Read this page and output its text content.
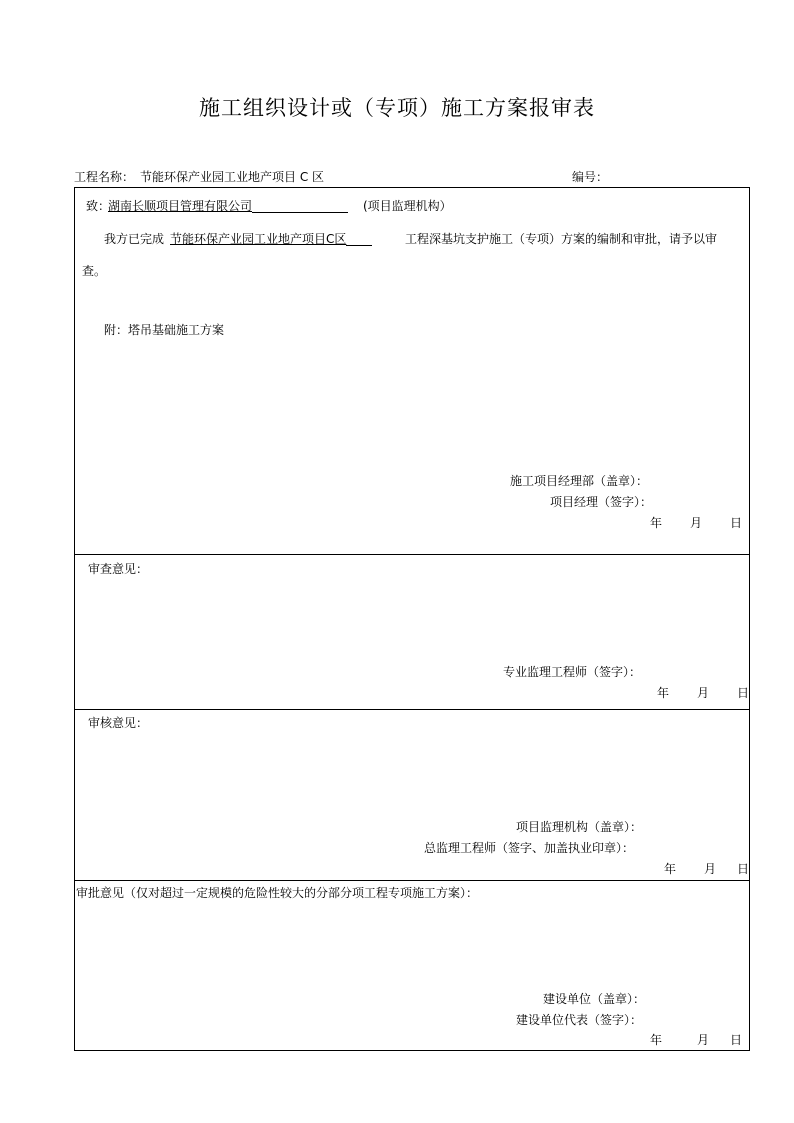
施工组织设计或（专项）施工方案报审表
工程名称： 节能环保产业园工业地产项目 C 区	编号：
致：
湖南长顺项目管理有限公司	(项目监理机构）
我方已完成 节能环保产业园工业地产项目C区	工程深基坑支护施工（专项）方案的编制和审批，请予以审
查。
附：塔吊基础施工方案
施工项目经理部（盖章）：
项目经理（签字）：
年 月 日
审查意见：
专业监理工程师（签字）：
年 月 日
审核意见：
项目监理机构（盖章）：
总监理工程师（签字、加盖执业印章）：
年 月 日
审批意见（仅对超过一定规模的危险性较大的分部分项工程专项施工方案）：
建设单位（盖章）：
建设单位代表（签字）：
年	月 日
